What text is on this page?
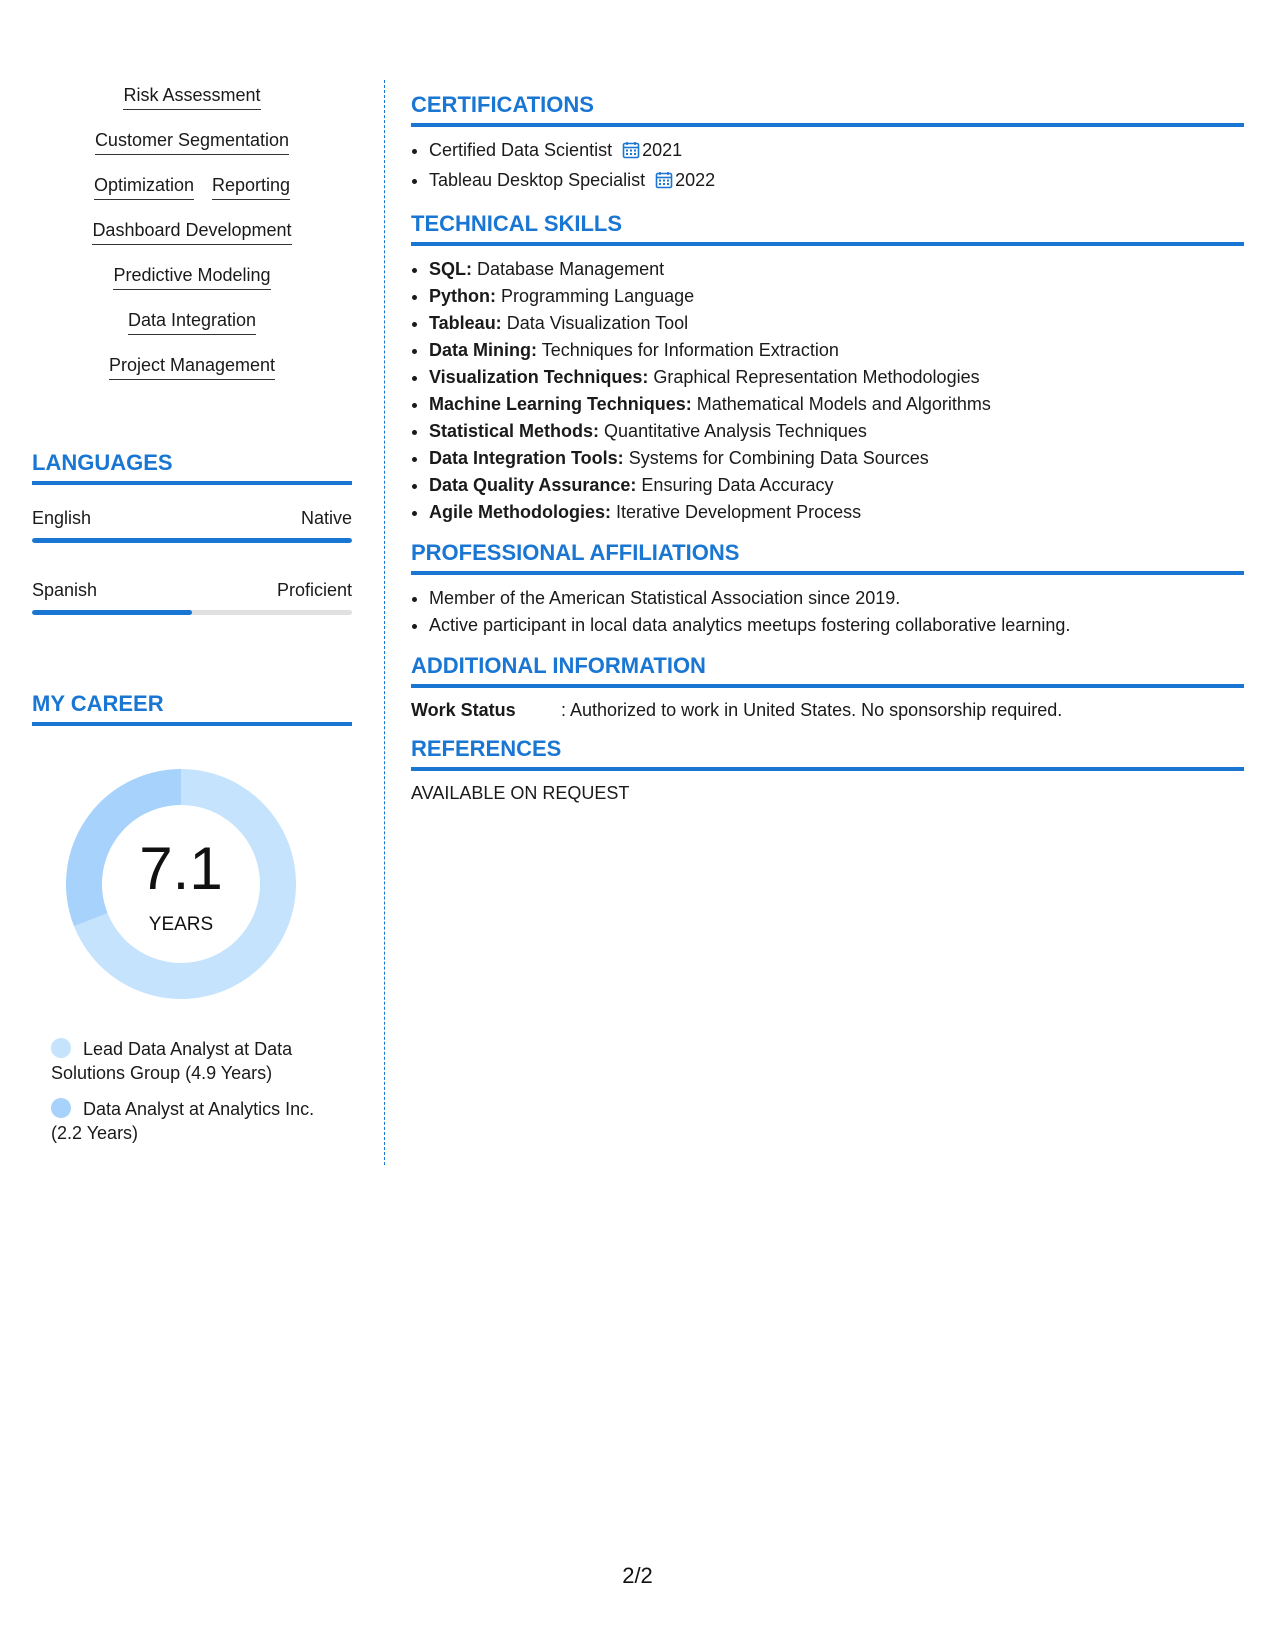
Risk Assessment
Customer Segmentation
Optimization Reporting
Dashboard Development
Predictive Modeling
Data Integration
Project Management
LANGUAGES
English	Native
Spanish	Proficient
MY CAREER
7.1
YEARS
Lead Data Analyst at Data Solutions Group (4.9 Years)
Data Analyst at Analytics Inc. (2.2 Years)
CERTIFICATIONS
• Certified Data Scientist 2021
• Tableau Desktop Specialist 2022
TECHNICAL SKILLS
• SQL: Database Management
• Python: Programming Language
• Tableau: Data Visualization Tool
• Data Mining: Techniques for Information Extraction
• Visualization Techniques: Graphical Representation Methodologies
• Machine Learning Techniques: Mathematical Models and Algorithms
• Statistical Methods: Quantitative Analysis Techniques
• Data Integration Tools: Systems for Combining Data Sources
• Data Quality Assurance: Ensuring Data Accuracy
• Agile Methodologies: Iterative Development Process
PROFESSIONAL AFFILIATIONS
• Member of the American Statistical Association since 2019.
• Active participant in local data analytics meetups fostering collaborative learning.
ADDITIONAL INFORMATION
Work Status	: Authorized to work in United States. No sponsorship required.
REFERENCES
AVAILABLE ON REQUEST
2/2
